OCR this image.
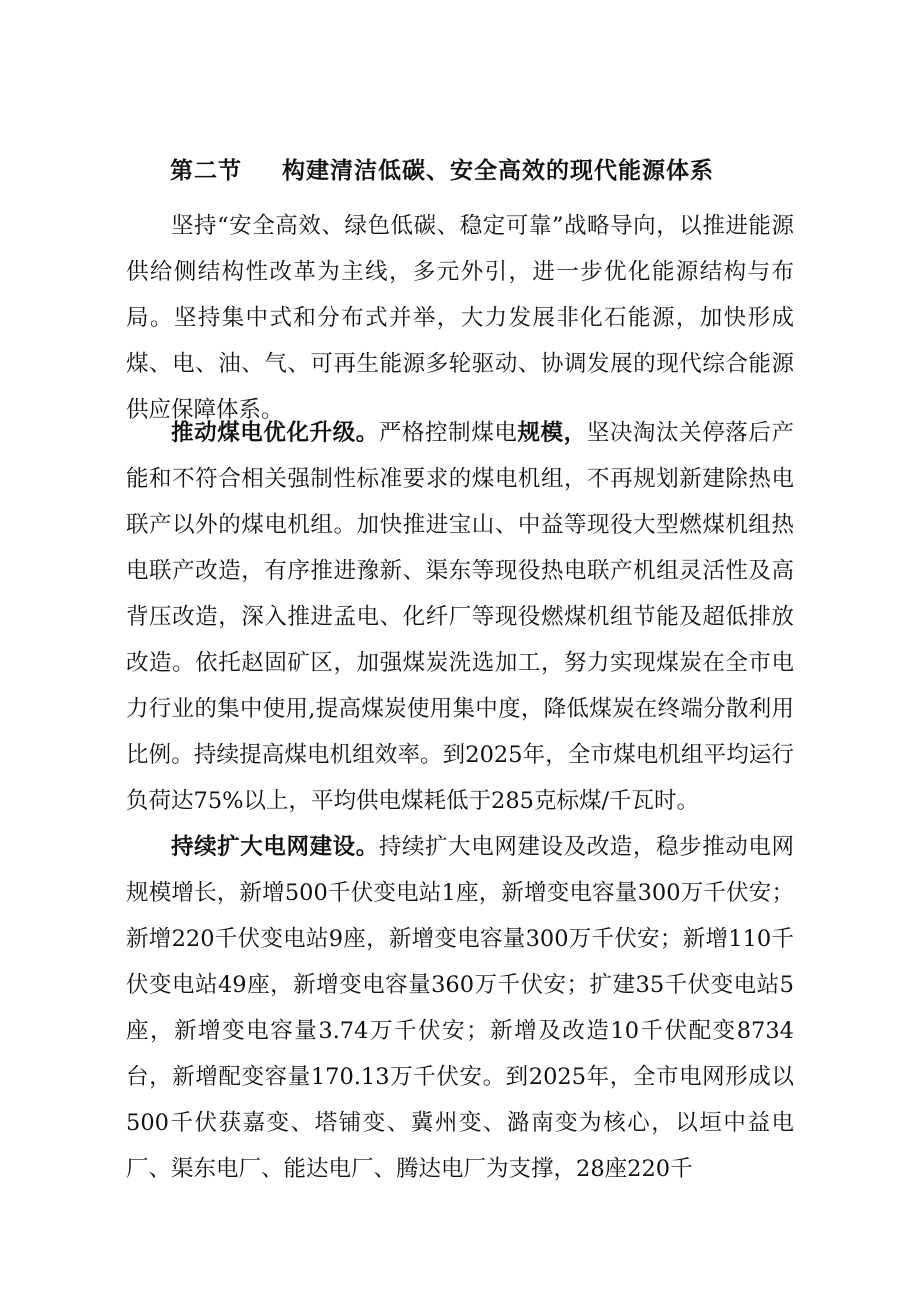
第二节 构建清洁低碳、安全高效的现代能源体系

坚持“安全高效、绿色低碳、稳定可靠”战略导向，以推进能源供给侧结构性改革为主线，多元外引，进一步优化能源结构与布局。坚持集中式和分布式并举，大力发展非化石能源，加快形成煤、电、油、气、可再生能源多轮驱动、协调发展的现代综合能源供应保障体系。

推动煤电优化升级。严格控制煤电规模，坚决淘汰关停落后产能和不符合相关强制性标准要求的煤电机组，不再规划新建除热电联产以外的煤电机组。加快推进宝山、中益等现役大型燃煤机组热电联产改造，有序推进豫新、渠东等现役热电联产机组灵活性及高背压改造，深入推进孟电、化纤厂等现役燃煤机组节能及超低排放改造。依托赵固矿区，加强煤炭洗选加工，努力实现煤炭在全市电力行业的集中使用,提高煤炭使用集中度，降低煤炭在终端分散利用比例。持续提高煤电机组效率。到2025年，全市煤电机组平均运行负荷达75%以上，平均供电煤耗低于285克标煤/千瓦时。

持续扩大电网建设。持续扩大电网建设及改造，稳步推动电网规模增长，新增500千伏变电站1座，新增变电容量300万千伏安；新增220千伏变电站9座，新增变电容量300万千伏安；新增110千伏变电站49座，新增变电容量360万千伏安；扩建35千伏变电站5座，新增变电容量3.74万千伏安；新增及改造10千伏配变8734台，新增配变容量170.13万千伏安。到2025年，全市电网形成以500千伏获嘉变、塔铺变、冀州变、潞南变为核心，以垣中益电厂、渠东电厂、能达电厂、腾达电厂为支撑，28座220千
